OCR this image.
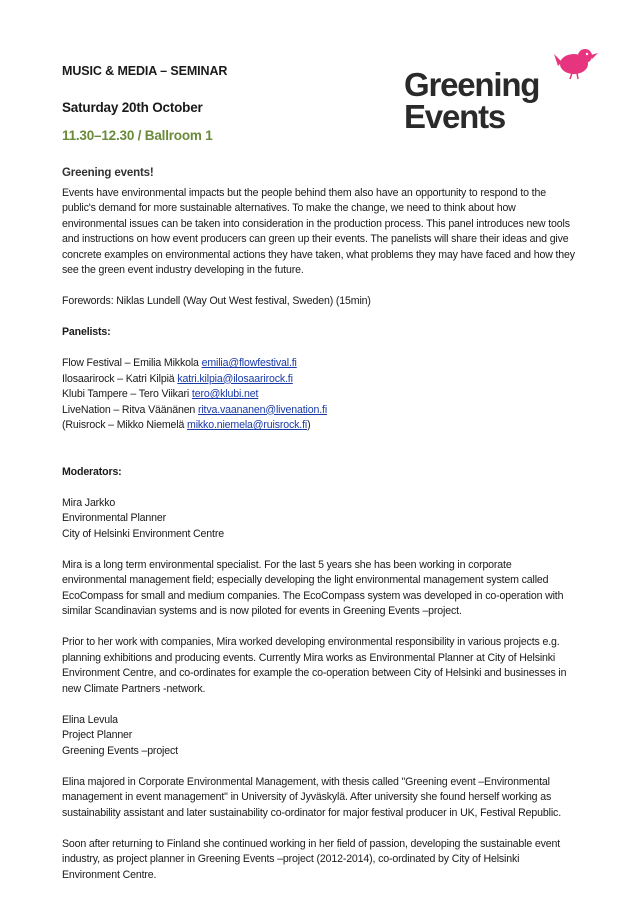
MUSIC & MEDIA – SEMINAR
Saturday 20th October
11.30–12.30 / Ballroom 1
Greening
Events

Greening events!

Events have environmental impacts but the people behind them also have an opportunity to respond to the

public's demand for more sustainable alternatives. To make the change, we need to think about how

environmental issues can be taken into consideration in the production process. This panel introduces new tools

and instructions on how event producers can green up their events. The panelists will share their ideas and give

concrete examples on environmental actions they have taken, what problems they may have faced and how they

see the green event industry developing in the future.

Forewords: Niklas Lundell (Way Out West festival, Sweden) (15min)

Panelists:

Flow Festival – Emilia Mikkola emilia@flowfestival.fi

Ilosaarirock – Katri Kilpiä katri.kilpia@ilosaarirock.fi

Klubi Tampere – Tero Viikari tero@klubi.net

LiveNation – Ritva Väänänen ritva.vaananen@livenation.fi

(Ruisrock – Mikko Niemelä mikko.niemela@ruisrock.fi)

Moderators:

Mira Jarkko

Environmental Planner

City of Helsinki Environment Centre

Mira is a long term environmental specialist. For the last 5 years she has been working in corporate

environmental management field; especially developing the light environmental management system called

EcoCompass for small and medium companies. The EcoCompass system was developed in co-operation with

similar Scandinavian systems and is now piloted for events in Greening Events –project.

Prior to her work with companies, Mira worked developing environmental responsibility in various projects e.g.

planning exhibitions and producing events. Currently Mira works as Environmental Planner at City of Helsinki

Environment Centre, and co-ordinates for example the co-operation between City of Helsinki and businesses in

new Climate Partners -network.

Elina Levula

Project Planner

Greening Events –project

Elina majored in Corporate Environmental Management, with thesis called "Greening event –Environmental

management in event management" in University of Jyväskylä. After university she found herself working as

sustainability assistant and later sustainability co-ordinator for major festival producer in UK, Festival Republic.

Soon after returning to Finland she continued working in her field of passion, developing the sustainable event

industry, as project planner in Greening Events –project (2012-2014), co-ordinated by City of Helsinki

Environment Centre.
